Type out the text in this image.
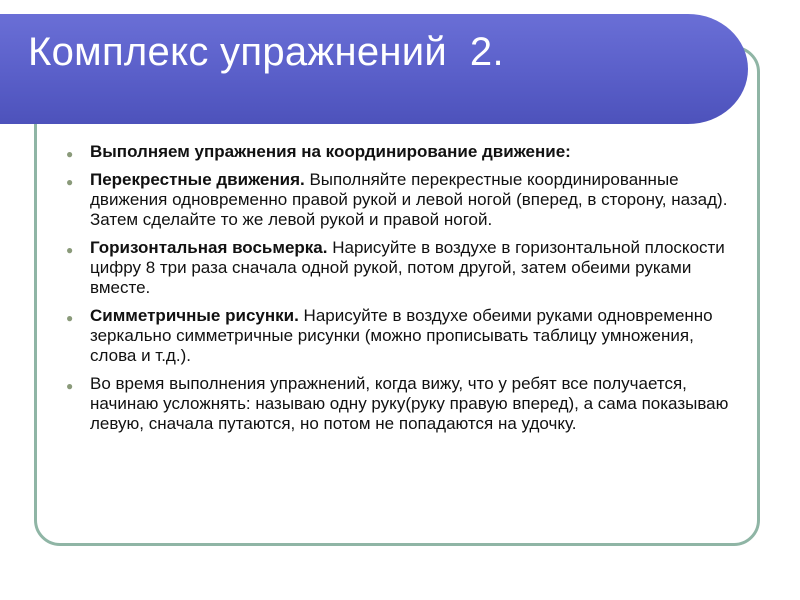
Комплекс упражнений  2.
● Выполняем упражнения на координирование движение:
● Перекрестные движения. Выполняйте перекрестные координированные движения одновременно правой рукой и левой ногой (вперед, в сторону, назад). Затем сделайте то же левой рукой и правой ногой.
● Горизонтальная восьмерка. Нарисуйте в воздухе в горизонтальной плоскости цифру 8 три раза сначала одной рукой, потом другой, затем обеими руками вместе.
● Симметричные рисунки. Нарисуйте в воздухе обеими руками одновременно зеркально симметричные рисунки (можно прописывать таблицу умножения, слова и т.д.).
● Во время выполнения упражнений, когда вижу, что у ребят все получается, начинаю усложнять: называю одну руку(руку правую вперед), а сама показываю левую, сначала путаются, но потом не попадаются на удочку.
